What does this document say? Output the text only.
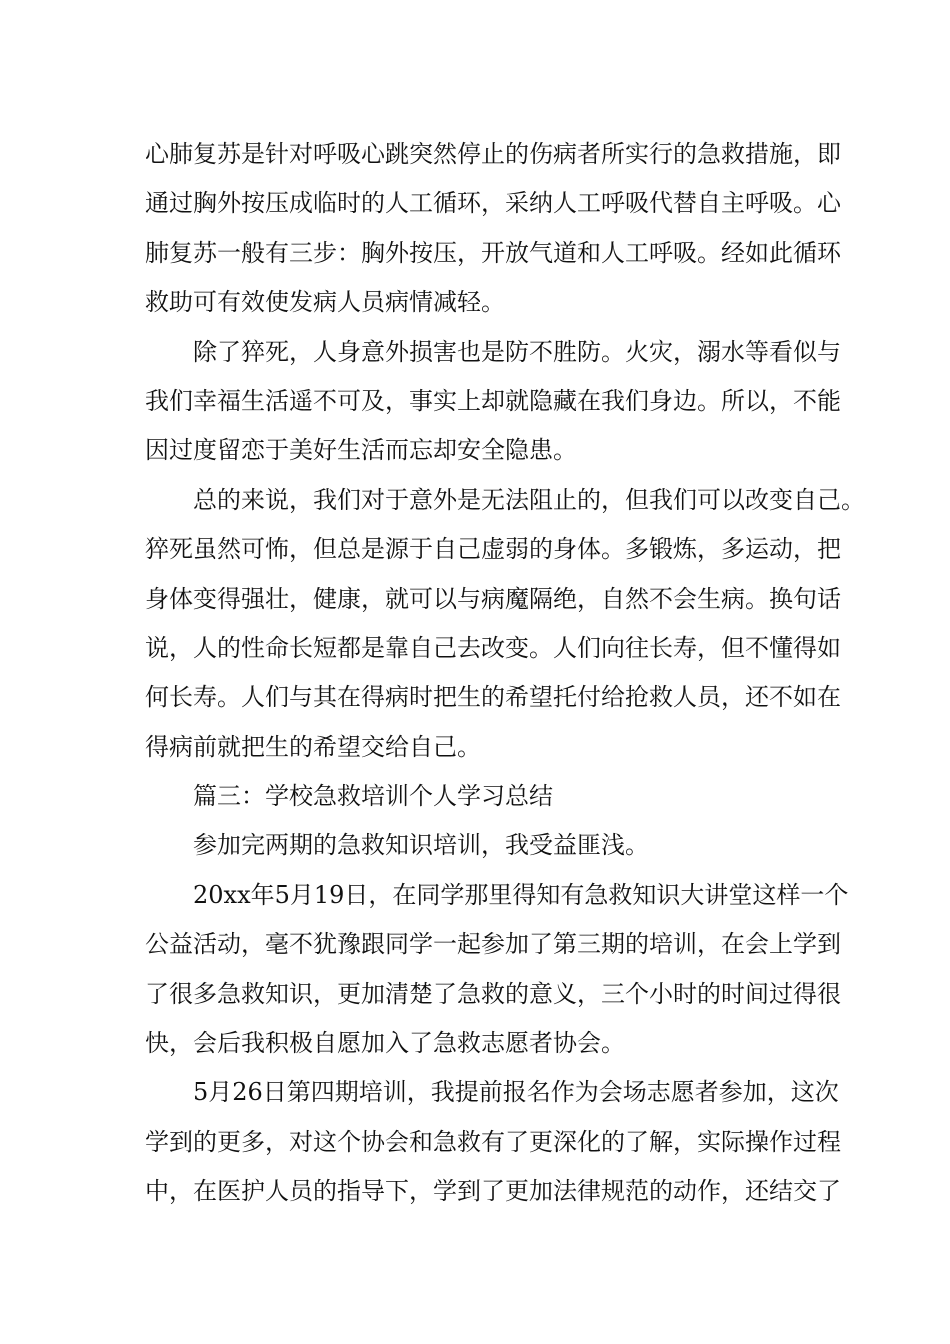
心肺复苏是针对呼吸心跳突然停止的伤病者所实行的急救措施，即
通过胸外按压成临时的人工循环，采纳人工呼吸代替自主呼吸。心
肺复苏一般有三步：胸外按压，开放气道和人工呼吸。经如此循环
救助可有效使发病人员病情减轻。
除了猝死，人身意外损害也是防不胜防。火灾，溺水等看似与
我们幸福生活遥不可及，事实上却就隐藏在我们身边。所以，不能
因过度留恋于美好生活而忘却安全隐患。
总的来说，我们对于意外是无法阻止的，但我们可以改变自己。
猝死虽然可怖，但总是源于自己虚弱的身体。多锻炼，多运动，把
身体变得强壮，健康，就可以与病魔隔绝，自然不会生病。换句话
说，人的性命长短都是靠自己去改变。人们向往长寿，但不懂得如
何长寿。人们与其在得病时把生的希望托付给抢救人员，还不如在
得病前就把生的希望交给自己。
篇三：学校急救培训个人学习总结
参加完两期的急救知识培训，我受益匪浅。
20xx年5月19日，在同学那里得知有急救知识大讲堂这样一个
公益活动，毫不犹豫跟同学一起参加了第三期的培训，在会上学到
了很多急救知识，更加清楚了急救的意义，三个小时的时间过得很
快，会后我积极自愿加入了急救志愿者协会。
5月26日第四期培训，我提前报名作为会场志愿者参加，这次
学到的更多，对这个协会和急救有了更深化的了解，实际操作过程
中，在医护人员的指导下，学到了更加法律规范的动作，还结交了
